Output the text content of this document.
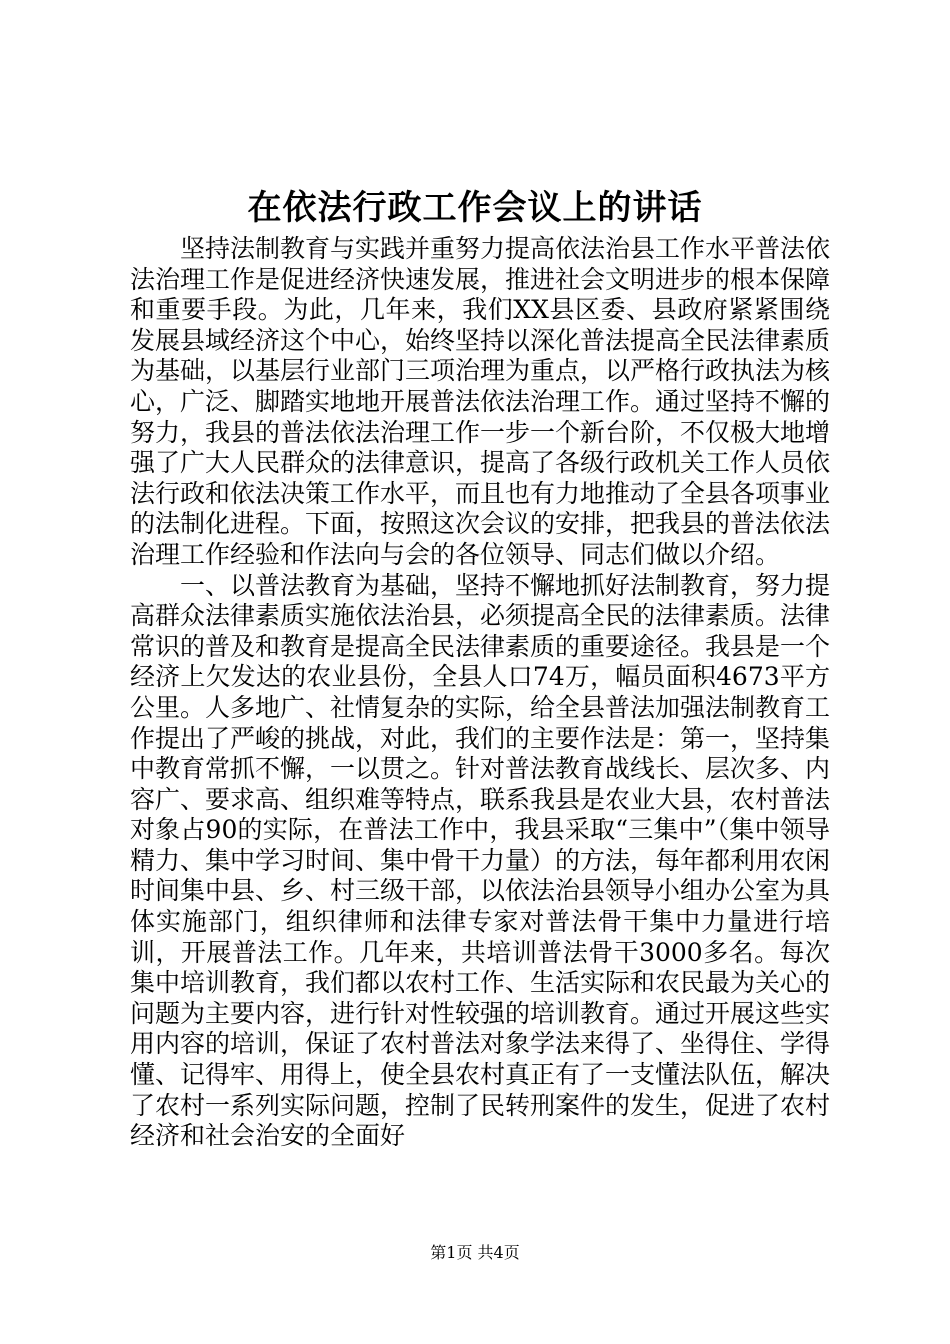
在依法行政工作会议上的讲话

坚持法制教育与实践并重努力提高依法治县工作水平普法依法治理工作是促进经济快速发展，推进社会文明进步的根本保障和重要手段。为此，几年来，我们XX县区委、县政府紧紧围绕发展县域经济这个中心，始终坚持以深化普法提高全民法律素质为基础，以基层行业部门三项治理为重点，以严格行政执法为核心，广泛、脚踏实地地开展普法依法治理工作。通过坚持不懈的努力，我县的普法依法治理工作一步一个新台阶，不仅极大地增强了广大人民群众的法律意识，提高了各级行政机关工作人员依法行政和依法决策工作水平，而且也有力地推动了全县各项事业的法制化进程。下面，按照这次会议的安排，把我县的普法依法治理工作经验和作法向与会的各位领导、同志们做以介绍。

一、以普法教育为基础，坚持不懈地抓好法制教育，努力提高群众法律素质实施依法治县，必须提高全民的法律素质。法律常识的普及和教育是提高全民法律素质的重要途径。我县是一个经济上欠发达的农业县份，全县人口74万，幅员面积4673平方公里。人多地广、社情复杂的实际，给全县普法加强法制教育工作提出了严峻的挑战，对此，我们的主要作法是：第一，坚持集中教育常抓不懈，一以贯之。针对普法教育战线长、层次多、内容广、要求高、组织难等特点，联系我县是农业大县，农村普法对象占90的实际，在普法工作中，我县采取“三集中”（集中领导精力、集中学习时间、集中骨干力量）的方法，每年都利用农闲时间集中县、乡、村三级干部，以依法治县领导小组办公室为具体实施部门，组织律师和法律专家对普法骨干集中力量进行培训，开展普法工作。几年来，共培训普法骨干3000多名。每次集中培训教育，我们都以农村工作、生活实际和农民最为关心的问题为主要内容，进行针对性较强的培训教育。通过开展这些实用内容的培训，保证了农村普法对象学法来得了、坐得住、学得懂、记得牢、用得上，使全县农村真正有了一支懂法队伍，解决了农村一系列实际问题，控制了民转刑案件的发生，促进了农村经济和社会治安的全面好

第1页 共4页
